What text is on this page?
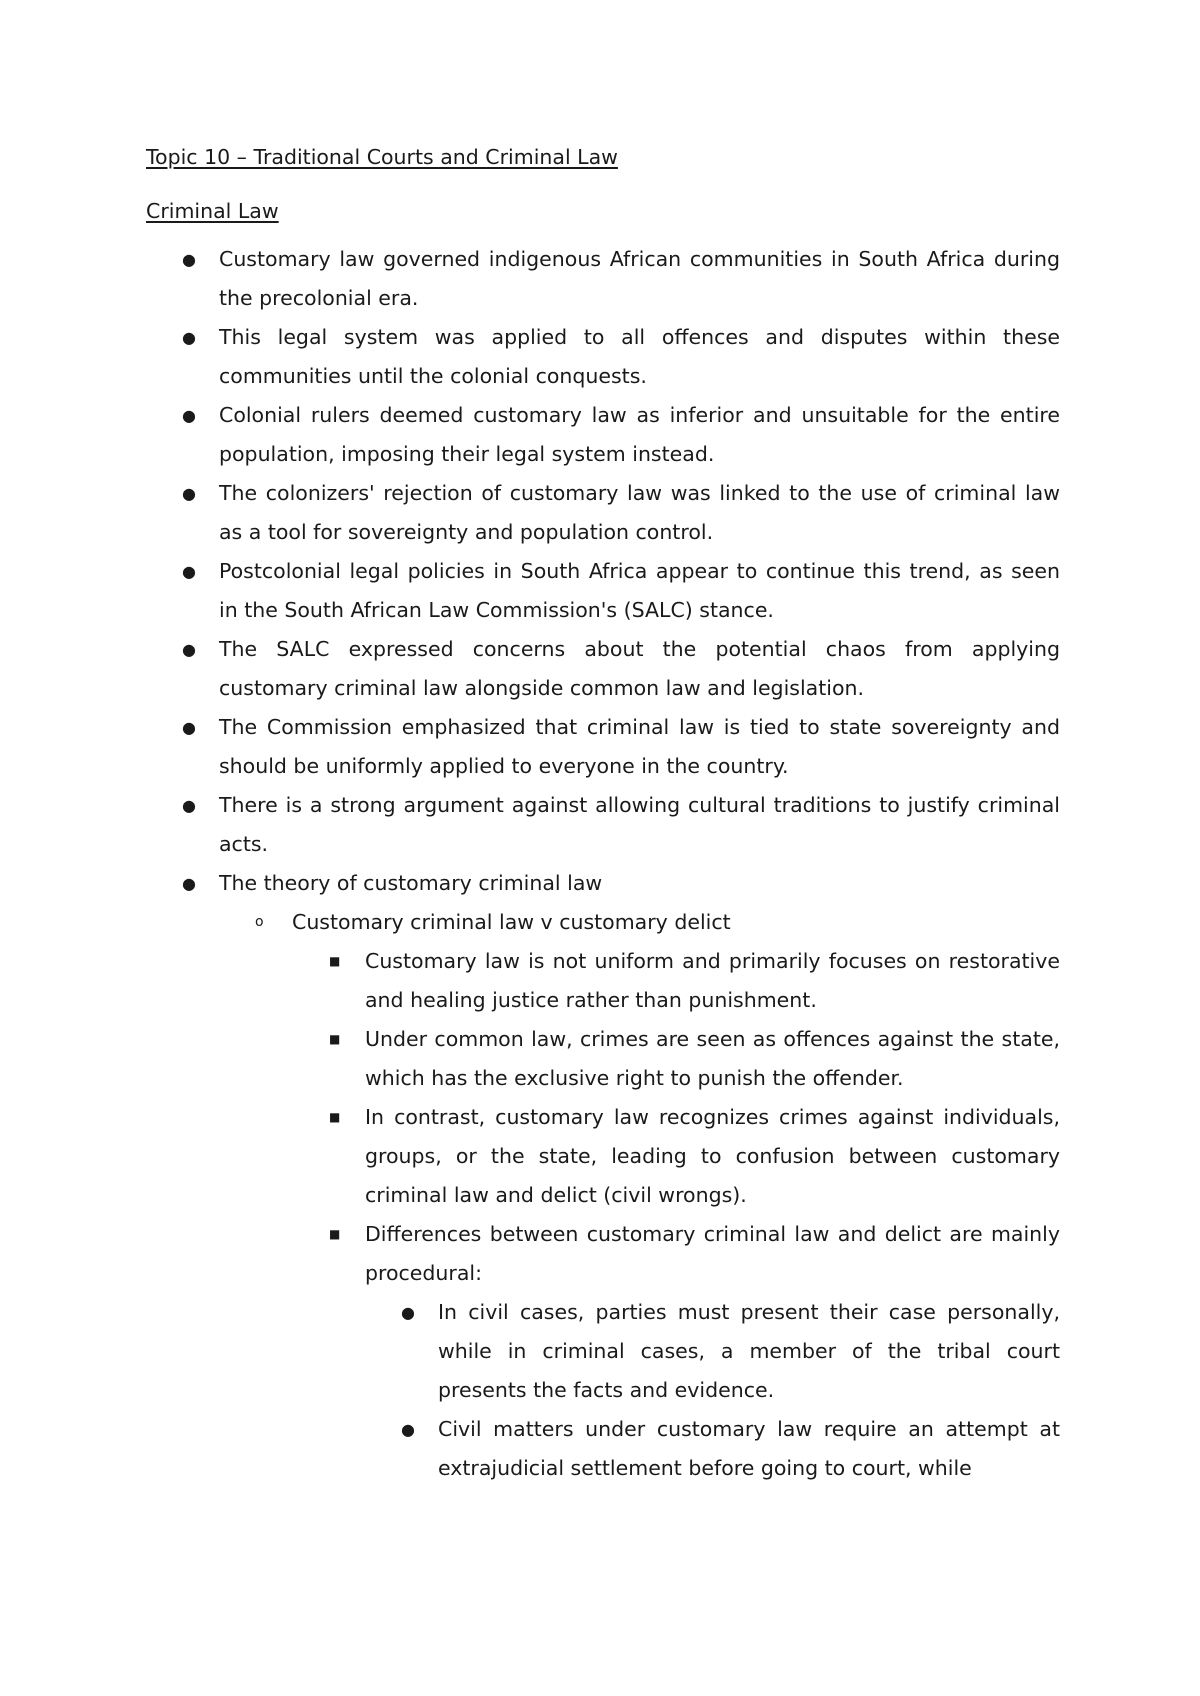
Topic 10 – Traditional Courts and Criminal Law
Criminal Law
● Customary law governed indigenous African communities in South Africa during the precolonial era.
● This legal system was applied to all offences and disputes within these communities until the colonial conquests.
● Colonial rulers deemed customary law as inferior and unsuitable for the entire population, imposing their legal system instead.
● The colonizers' rejection of customary law was linked to the use of criminal law as a tool for sovereignty and population control.
● Postcolonial legal policies in South Africa appear to continue this trend, as seen in the South African Law Commission's (SALC) stance.
● The SALC expressed concerns about the potential chaos from applying customary criminal law alongside common law and legislation.
● The Commission emphasized that criminal law is tied to state sovereignty and should be uniformly applied to everyone in the country.
● There is a strong argument against allowing cultural traditions to justify criminal acts.
● The theory of customary criminal law
o Customary criminal law v customary delict
■ Customary law is not uniform and primarily focuses on restorative and healing justice rather than punishment.
■ Under common law, crimes are seen as offences against the state, which has the exclusive right to punish the offender.
■ In contrast, customary law recognizes crimes against individuals, groups, or the state, leading to confusion between customary criminal law and delict (civil wrongs).
■ Differences between customary criminal law and delict are mainly procedural:
● In civil cases, parties must present their case personally, while in criminal cases, a member of the tribal court presents the facts and evidence.
● Civil matters under customary law require an attempt at extrajudicial settlement before going to court, while
